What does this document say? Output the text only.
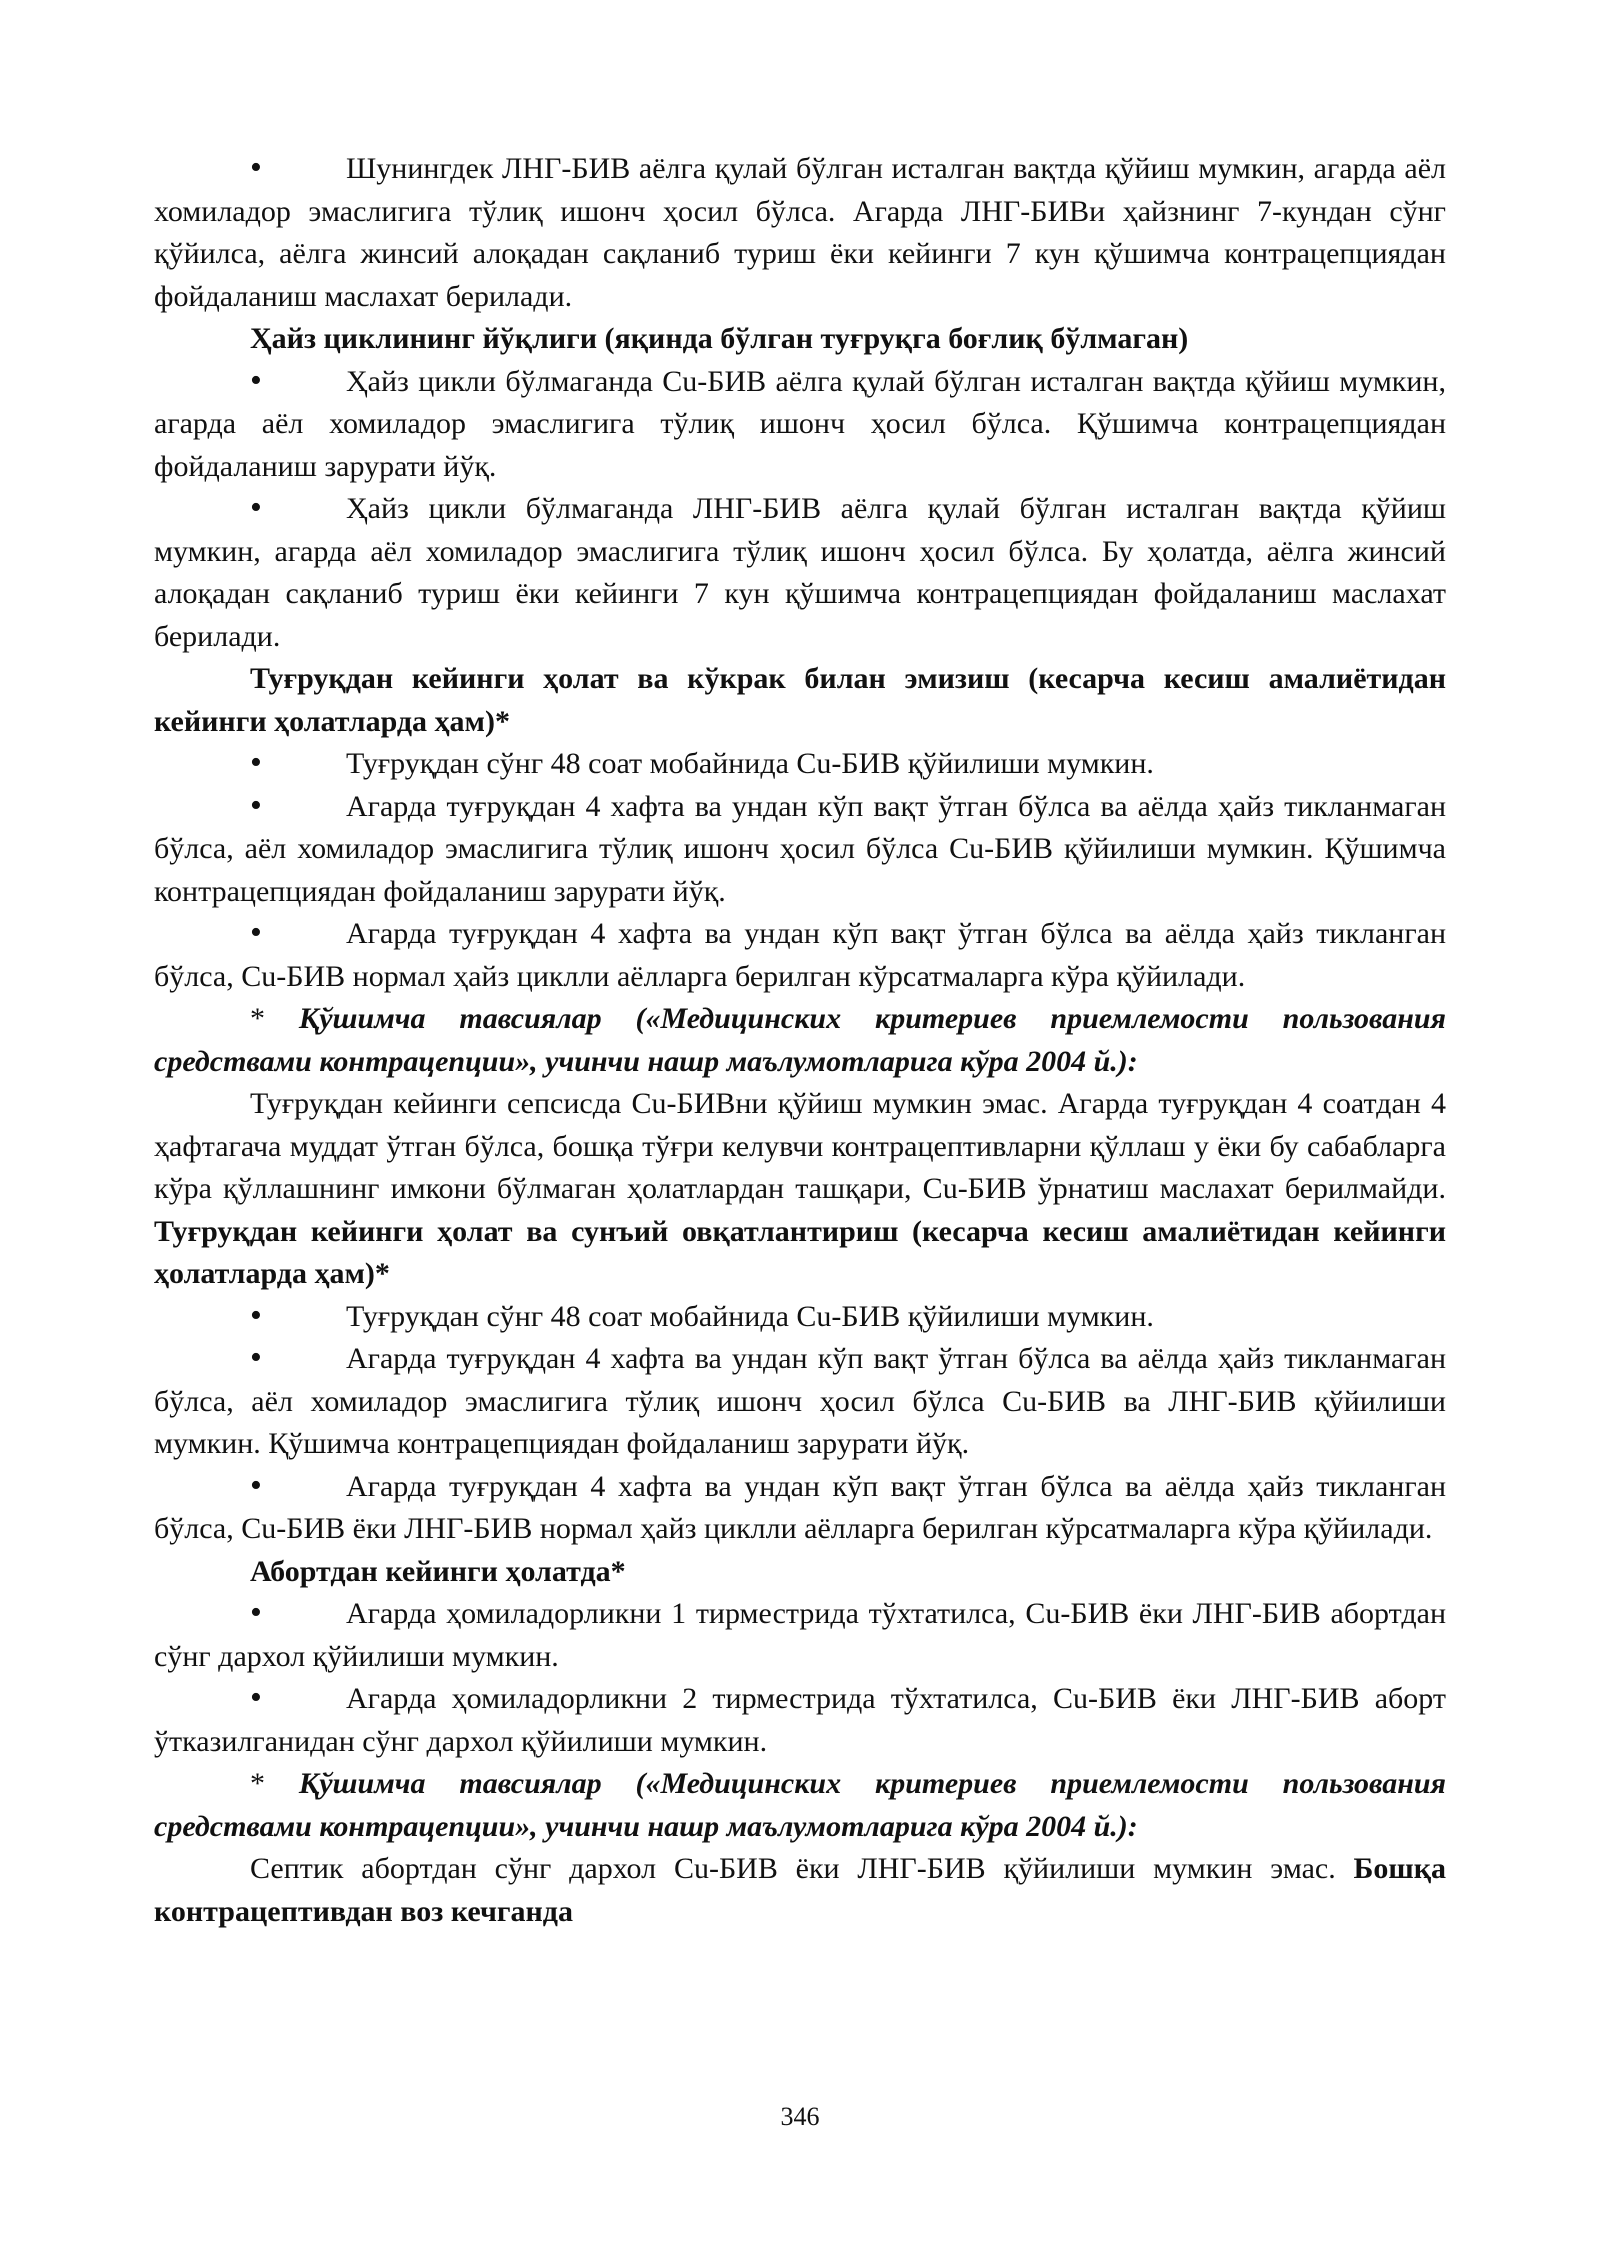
•	Шунингдек ЛНГ-БИВ аёлга қулай бўлган исталган вақтда қўйиш мумкин, агарда аёл хомиладор эмаслигига тўлиқ ишонч ҳосил бўлса. Агарда ЛНГ-БИВи ҳайзнинг 7-кундан сўнг қўйилса, аёлга жинсий алоқадан сақланиб туриш ёки кейинги 7 кун қўшимча контрацепциядан фойдаланиш маслахат берилади.

Ҳайз циклининг йўқлиги (яқинда бўлган туғруқга боғлиқ бўлмаган)

•	Ҳайз цикли бўлмаганда Cu-БИВ аёлга қулай бўлган исталган вақтда қўйиш мумкин, агарда аёл хомиладор эмаслигига тўлиқ ишонч ҳосил бўлса. Қўшимча контрацепциядан фойдаланиш зарурати йўқ.

•	Ҳайз цикли бўлмаганда ЛНГ-БИВ аёлга қулай бўлган исталган вақтда қўйиш мумкин, агарда аёл хомиладор эмаслигига тўлиқ ишонч ҳосил бўлса. Бу ҳолатда, аёлга жинсий алоқадан сақланиб туриш ёки кейинги 7 кун қўшимча контрацепциядан фойдаланиш маслахат берилади.

Туғруқдан кейинги ҳолат ва кўкрак билан эмизиш (кесарча кесиш амалиётидан кейинги ҳолатларда ҳам)*

•	Туғруқдан сўнг 48 соат мобайнида Cu-БИВ қўйилиши мумкин.

•	Агарда туғруқдан 4 хафта ва ундан кўп вақт ўтган бўлса ва аёлда ҳайз тикланмаган бўлса, аёл хомиладор эмаслигига тўлиқ ишонч ҳосил бўлса Cu-БИВ қўйилиши мумкин. Қўшимча контрацепциядан фойдаланиш зарурати йўқ.

•	Агарда туғруқдан 4 хафта ва ундан кўп вақт ўтган бўлса ва аёлда ҳайз тикланган бўлса, Cu-БИВ нормал ҳайз циклли аёлларга берилган кўрсатмаларга кўра қўйилади.

* Қўшимча тавсиялар («Медицинских критериев приемлемости пользования средствами контрацепции», учинчи нашр маълумотларига кўра 2004 й.):

Туғруқдан кейинги сепсисда Cu-БИВни қўйиш мумкин эмас. Агарда туғруқдан 4 соатдан 4 ҳафтагача муддат ўтган бўлса, бошқа тўғри келувчи контрацептивларни қўллаш у ёки бу сабабларга кўра қўллашнинг имкони бўлмаган ҳолатлардан ташқари, Cu-БИВ ўрнатиш маслахат берилмайди. Туғруқдан кейинги ҳолат ва сунъий овқатлантириш (кесарча кесиш амалиётидан кейинги ҳолатларда ҳам)*

•	Туғруқдан сўнг 48 соат мобайнида Cu-БИВ қўйилиши мумкин.

•	Агарда туғруқдан 4 хафта ва ундан кўп вақт ўтган бўлса ва аёлда ҳайз тикланмаган бўлса, аёл хомиладор эмаслигига тўлиқ ишонч ҳосил бўлса Cu-БИВ ва ЛНГ-БИВ қўйилиши мумкин. Қўшимча контрацепциядан фойдаланиш зарурати йўқ.

•	Агарда туғруқдан 4 хафта ва ундан кўп вақт ўтган бўлса ва аёлда ҳайз тикланган бўлса, Cu-БИВ ёки ЛНГ-БИВ нормал ҳайз циклли аёлларга берилган кўрсатмаларга кўра қўйилади.

Абортдан кейинги ҳолатда*

•	Агарда ҳомиладорликни 1 тирместрида тўхтатилса, Cu-БИВ ёки ЛНГ-БИВ абортдан сўнг дархол қўйилиши мумкин.

•	Агарда ҳомиладорликни 2 тирместрида тўхтатилса, Cu-БИВ ёки ЛНГ-БИВ аборт ўтказилганидан сўнг дархол қўйилиши мумкин.

* Қўшимча тавсиялар («Медицинских критериев приемлемости пользования средствами контрацепции», учинчи нашр маълумотларига кўра 2004 й.):

Септик абортдан сўнг дархол Cu-БИВ ёки ЛНГ-БИВ қўйилиши мумкин эмас. Бошқа контрацептивдан воз кечганда

346
